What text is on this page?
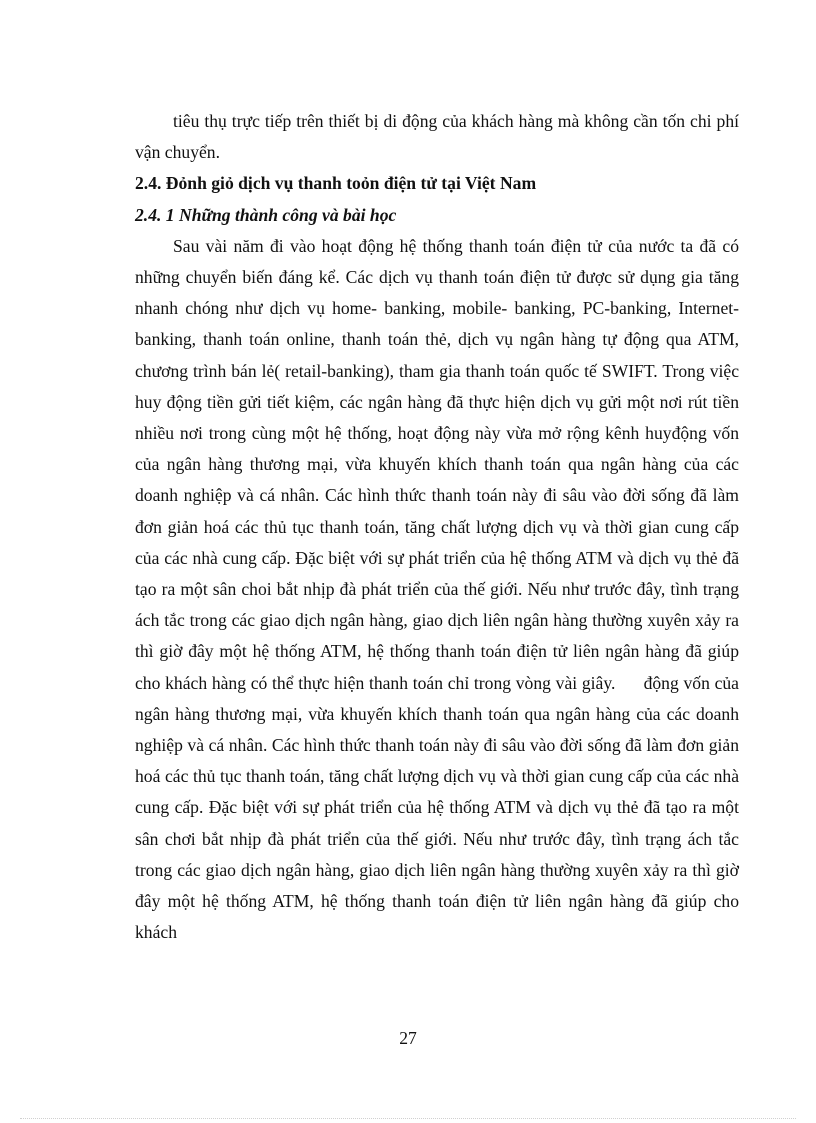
tiêu thụ trực tiếp trên thiết bị di động của khách hàng mà không cần tốn chi phí vận chuyển.

2.4. Đỏnh giỏ dịch vụ thanh toỏn điện tử tại Việt Nam

2.4. 1 Những thành công và bài học

Sau vài năm đi vào hoạt động hệ thống thanh toán điện tử của nước ta đã có những chuyển biến đáng kể. Các dịch vụ thanh toán điện tử được sử dụng gia tăng nhanh chóng như dịch vụ home- banking, mobile- banking, PC-banking, Internet- banking, thanh toán online, thanh toán thẻ, dịch vụ ngân hàng tự động qua ATM, chương trình bán lẻ( retail-banking), tham gia thanh toán quốc tế SWIFT. Trong việc huy động tiền gửi tiết kiệm, các ngân hàng đã thực hiện dịch vụ gửi một nơi rút tiền nhiều nơi trong cùng một hệ thống, hoạt động này vừa mở rộng kênh huyđộng vốn của ngân hàng thương mại, vừa khuyến khích thanh toán qua ngân hàng của các doanh nghiệp và cá nhân. Các hình thức thanh toán này đi sâu vào đời sống đã làm đơn giản hoá các thủ tục thanh toán, tăng chất lượng dịch vụ và thời gian cung cấp của các nhà cung cấp. Đặc biệt với sự phát triển của hệ thống ATM và dịch vụ thẻ đã tạo ra một sân choi bắt nhịp đà phát triển của thế giới. Nếu như trước đây, tình trạng ách tắc trong các giao dịch ngân hàng, giao dịch liên ngân hàng thường xuyên xảy ra thì giờ đây một hệ thống ATM, hệ thống thanh toán điện tử liên ngân hàng đã giúp cho khách hàng có thể thực hiện thanh toán chỉ trong vòng vài giây.      động vốn của ngân hàng thương mại, vừa khuyến khích thanh toán qua ngân hàng của các doanh nghiệp và cá nhân. Các hình thức thanh toán này đi sâu vào đời sống đã làm đơn giản hoá các thủ tục thanh toán, tăng chất lượng dịch vụ và thời gian cung cấp của các nhà cung cấp. Đặc biệt với sự phát triển của hệ thống ATM và dịch vụ thẻ đã tạo ra một sân chơi bắt nhịp đà phát triển của thế giới. Nếu như trước đây, tình trạng ách tắc trong các giao dịch ngân hàng, giao dịch liên ngân hàng thường xuyên xảy ra thì giờ đây một hệ thống ATM, hệ thống thanh toán điện tử liên ngân hàng đã giúp cho khách

27
